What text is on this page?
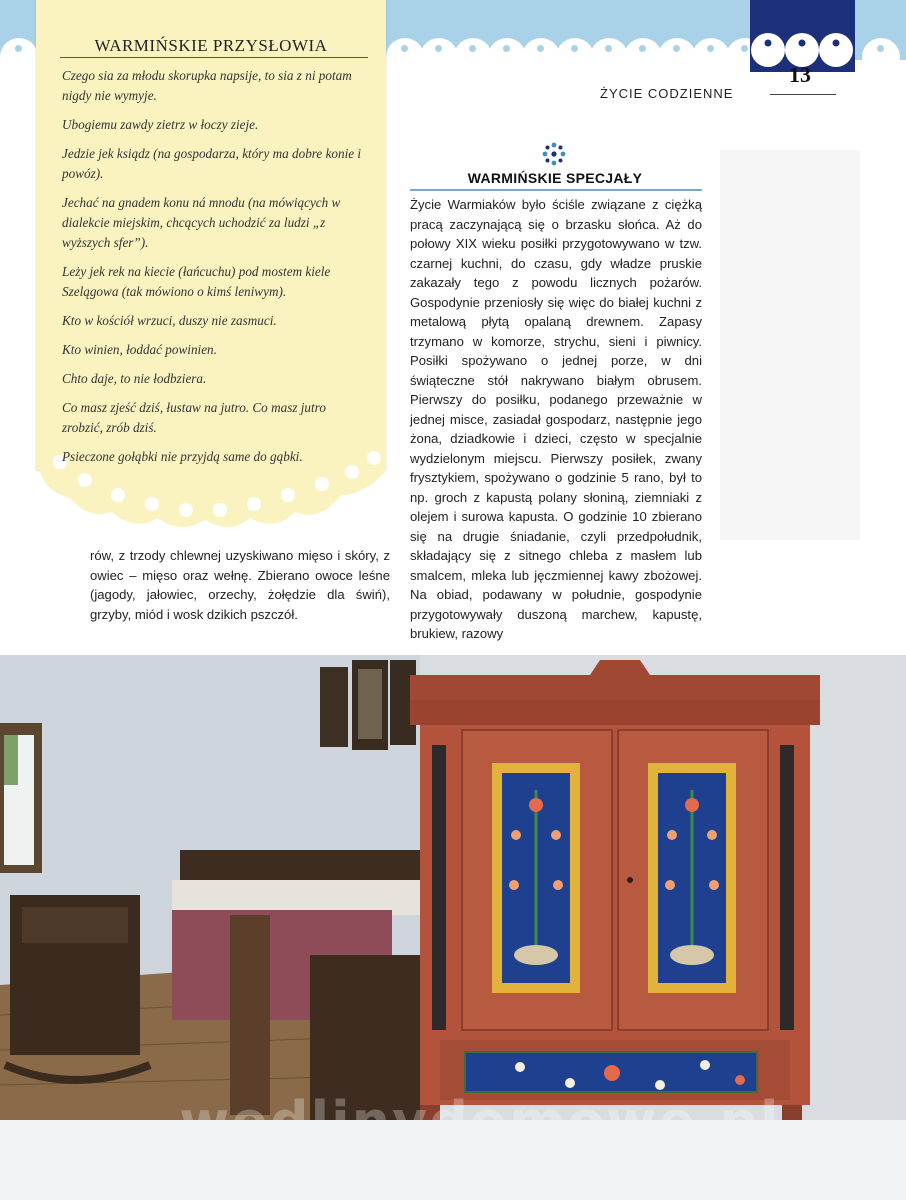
13
ŻYCIE CODZIENNE
WARMIŃSKIE PRZYSŁOWIA

Czego sia za młodu skorupka napsije, to sia z ni potam nigdy nie wymyje.

Ubogiemu zawdy zietrz w łoczy zieje.

Jedzie jek ksiądz (na gospodarza, który ma dobre konie i powóz).

Jechać na gnadem konu ná mnodu (na mówiących w dialekcie miejskim, chcących uchodzić za ludzi „z wyższych sfer”).

Leży jek rek na kiecie (łańcuchu) pod mostem kiele Szelągowa (tak mówiono o kimś leniwym).

Kto w kościół wrzuci, duszy nie zasmuci.

Kto winien, łoddać powinien.

Chto daje, to nie łodbziera.

Co masz zjeść dziś, łustaw na jutro. Co masz jutro zrobzić, zrób dziś.

Psieczone gołąbki nie przyjdą same do gąbki.

rów, z trzody chlewnej uzyskiwano mięso i skóry, z owiec – mięso oraz wełnę. Zbierano owoce leśne (jagody, jałowiec, orzechy, żołędzie dla świń), grzyby, miód i wosk dzikich pszczół.
WARMIŃSKIE SPECJAŁY
Życie Warmiaków było ściśle związane z ciężką pracą zaczynającą się o brzasku słońca. Aż do połowy XIX wieku posiłki przygotowywano w tzw. czarnej kuchni, do czasu, gdy władze pruskie zakazały tego z powodu licznych pożarów. Gospodynie przeniosły się więc do białej kuchni z metalową płytą opalaną drewnem. Zapasy trzymano w komorze, strychu, sieni i piwnicy. Posiłki spożywano o jednej porze, w dni świąteczne stół nakrywano białym obrusem. Pierwszy do posiłku, podanego przeważnie w jednej misce, zasiadał gospodarz, następnie jego żona, dziadkowie i dzieci, często w specjalnie wydzielonym miejscu. Pierwszy posiłek, zwany frysztykiem, spożywano o godzinie 5 rano, był to np. groch z kapustą polany słoniną, ziemniaki z olejem i surowa kapusta. O godzinie 10 zbierano się na drugie śniadanie, czyli przedpołudnik, składający się z sitnego chleba z masłem lub smalcem, mleka lub jęczmiennej kawy zbożowej. Na obiad, podawany w południe, gospodynie przygotowywały duszoną marchew, kapustę, brukiew, razowy
